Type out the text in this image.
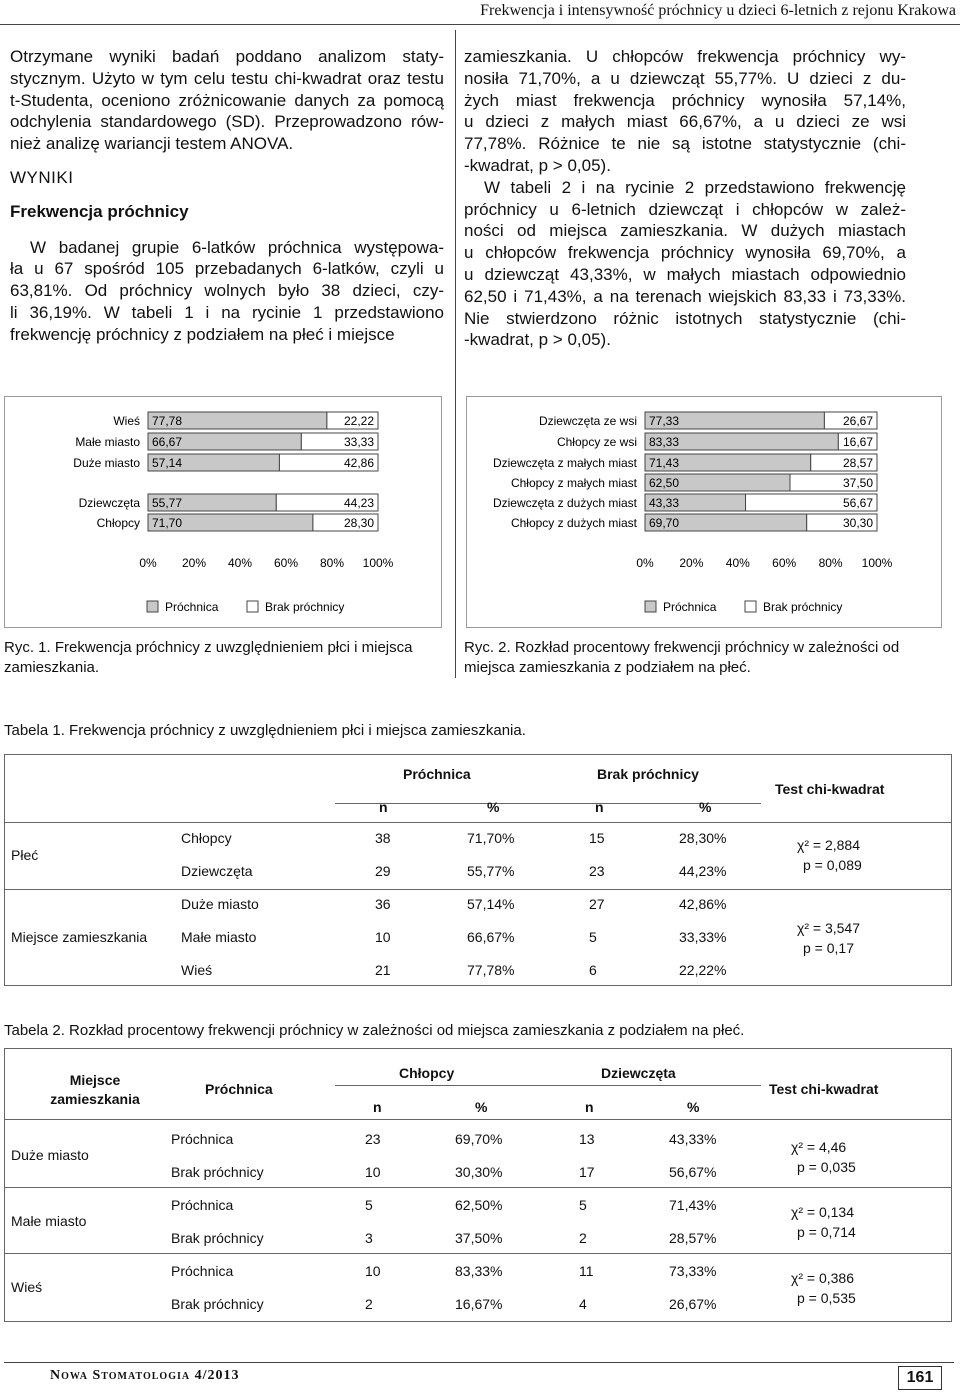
Frekwencja i intensywność próchnicy u dzieci 6-letnich z rejonu Krakowa

Otrzymane wyniki badań poddano analizom staty-
stycznym. Użyto w tym celu testu chi-kwadrat oraz testu
t-Studenta, oceniono zróżnicowanie danych za pomocą
odchylenia standardowego (SD). Przeprowadzono rów-
nież analizę wariancji testem ANOVA.

WYNIKI

Frekwencja próchnicy

W badanej grupie 6-latków próchnica występowa-
ła u 67 spośród 105 przebadanych 6-latków, czyli u
63,81%. Od próchnicy wolnych było 38 dzieci, czy-
li 36,19%. W tabeli 1 i na rycinie 1 przedstawiono
frekwencję próchnicy z podziałem na płeć i miejsce

zamieszkania. U chłopców frekwencja próchnicy wy-
nosiła 71,70%, a u dziewcząt 55,77%. U dzieci z du-
żych miast frekwencja próchnicy wynosiła 57,14%,
u dzieci z małych miast 66,67%, a u dzieci ze wsi
77,78%. Różnice te nie są istotne statystycznie (chi-
-kwadrat, p > 0,05).

W tabeli 2 i na rycinie 2 przedstawiono frekwencję
próchnicy u 6-letnich dziewcząt i chłopców w zależ-
ności od miejsca zamieszkania. W dużych miastach
u chłopców frekwencja próchnicy wynosiła 69,70%, a
u dziewcząt 43,33%, w małych miastach odpowiednio
62,50 i 71,43%, a na terenach wiejskich 83,33 i 73,33%.
Nie stwierdzono różnic istotnych statystycznie (chi-
-kwadrat, p > 0,05).

Wieś 77,78	22,22
Małe miasto 66,67	33,33
Duże miasto 57,14	42,86
Dziewczęta 55,77	44,23
Chłopcy 71,70	28,30
0% 20% 40% 60% 80% 100%
Próchnica	Brak próchnicy
Ryc. 1. Frekwencja próchnicy z uwzględnieniem płci i miejsca zamieszkania.
Dziewczęta ze wsi 77,33	26,67
Chłopcy ze wsi 83,33	16,67
Dziewczęta z małych miast 71,43	28,57
Chłopcy z małych miast 62,50	37,50
Dziewczęta z dużych miast 43,33	56,67
Chłopcy z dużych miast 69,70	30,30
0% 20% 40% 60% 80% 100%
Próchnica	Brak próchnicy
Ryc. 2. Rozkład procentowy frekwencji próchnicy w zależności od miejsca zamieszkania z podziałem na płeć.
Tabela 1. Frekwencja próchnicy z uwzględnieniem płci i miejsca zamieszkania.
Próchnica	Brak próchnicy
Test chi-kwadrat
n	%	n	%
Płeć
χ² = 2,884
p = 0,089
Chłopcy	38	71,70%	15	28,30%
Dziewczęta	29	55,77%	23	44,23%
Miejsce zamieszkania
χ² = 3,547
p = 0,17
Duże miasto	36	57,14%	27	42,86%
Małe miasto	10	66,67%	5	33,33%
Wieś	21	77,78%	6	22,22%
Tabela 2. Rozkład procentowy frekwencji próchnicy w zależności od miejsca zamieszkania z podziałem na płeć.
Miejsce zamieszkania
Próchnica
Chłopcy	Dziewczęta
Test chi-kwadrat
n	%	n	%
Duże miasto	χ² = 4,46
p = 0,035
Próchnica	23	69,70%	13	43,33%
Brak próchnicy	10	30,30%	17	56,67%
Małe miasto
χ² = 0,134
p = 0,714
Próchnica	5	62,50%	5	71,43%
Brak próchnicy	3	37,50%	2	28,57%
Wieś
χ² = 0,386
p = 0,535
Próchnica	10	83,33%	11	73,33%
Brak próchnicy	2	16,67%	4	26,67%
Nowa Stomatologia 4/2013	161
